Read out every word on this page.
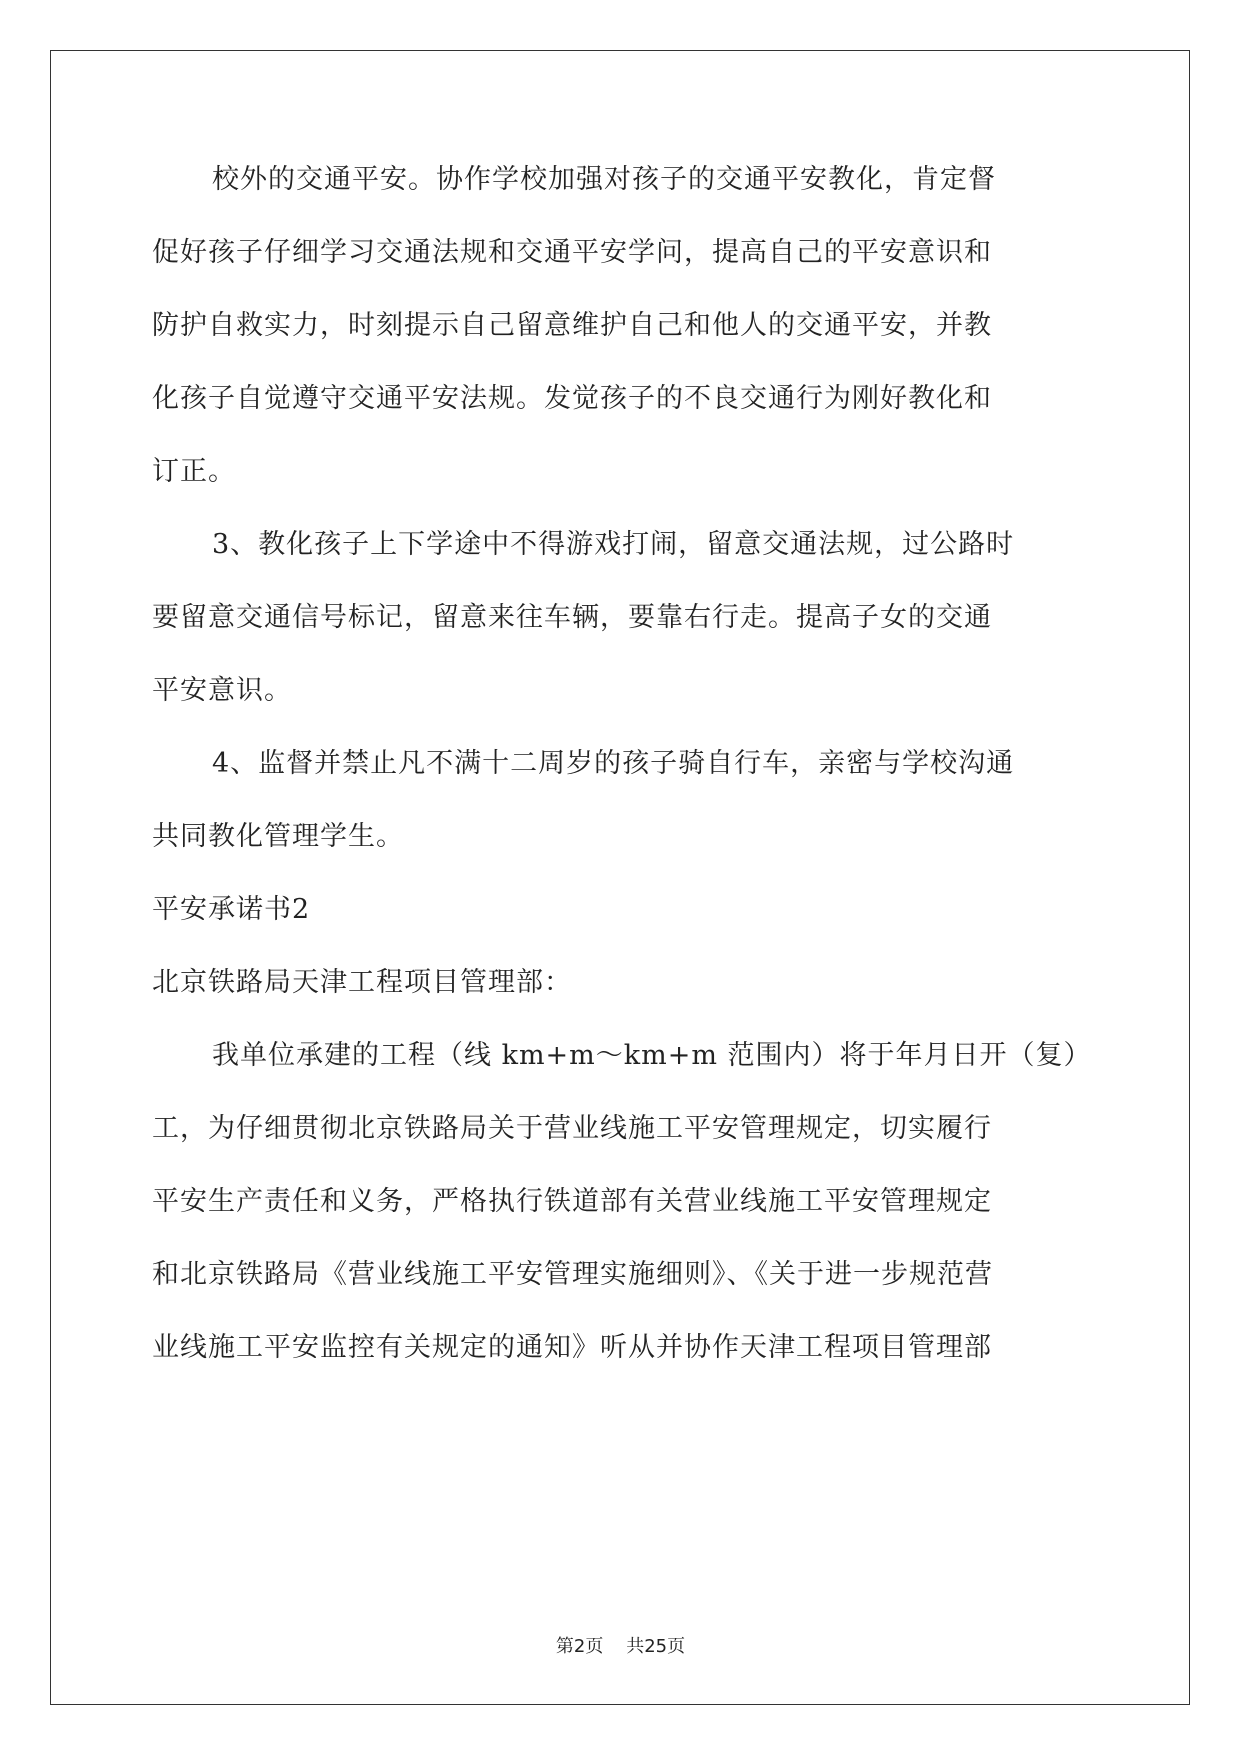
校外的交通平安。协作学校加强对孩子的交通平安教化，肯定督
促好孩子仔细学习交通法规和交通平安学问，提高自己的平安意识和
防护自救实力，时刻提示自己留意维护自己和他人的交通平安，并教
化孩子自觉遵守交通平安法规。发觉孩子的不良交通行为刚好教化和
订正。
3、教化孩子上下学途中不得游戏打闹，留意交通法规，过公路时
要留意交通信号标记，留意来往车辆，要靠右行走。提高子女的交通
平安意识。
4、监督并禁止凡不满十二周岁的孩子骑自行车，亲密与学校沟通
共同教化管理学生。
平安承诺书2
北京铁路局天津工程项目管理部：
我单位承建的工程（线 km+m～km+m 范围内）将于年月日开（复）
工，为仔细贯彻北京铁路局关于营业线施工平安管理规定，切实履行
平安生产责任和义务，严格执行铁道部有关营业线施工平安管理规定
和北京铁路局《营业线施工平安管理实施细则》、《关于进一步规范营
业线施工平安监控有关规定的通知》听从并协作天津工程项目管理部
第2页 共25页
